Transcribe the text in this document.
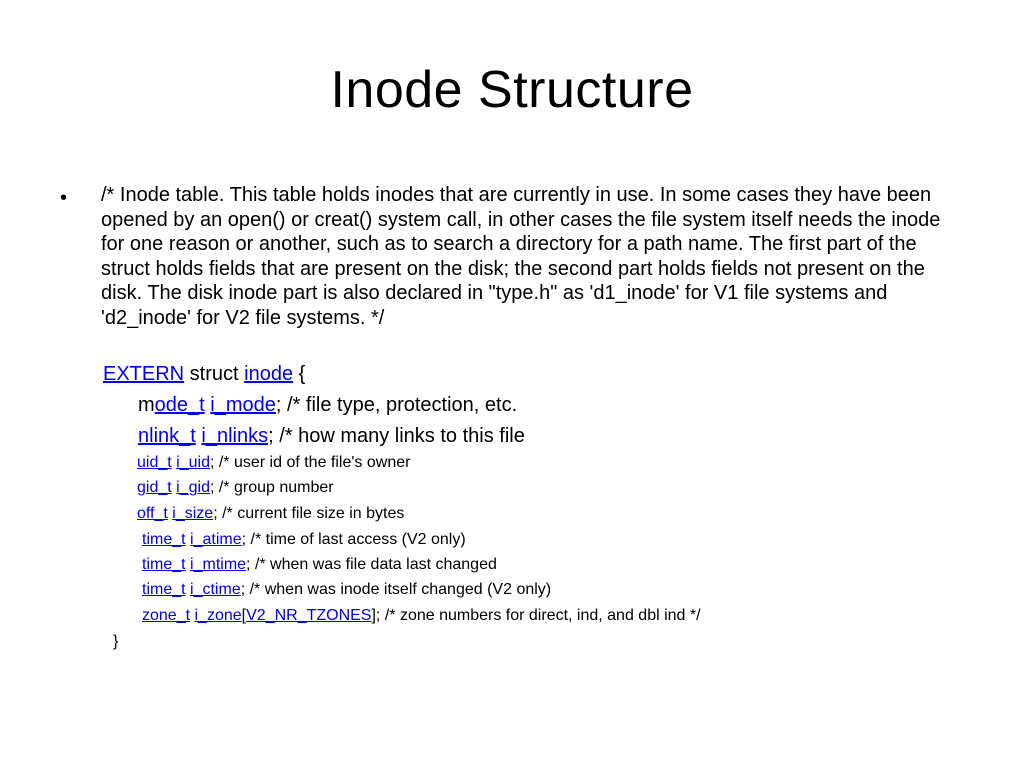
Inode Structure
• /* Inode table. This table holds inodes that are currently in use. In some cases they have been opened by an open() or creat() system call, in other cases the file system itself needs the inode for one reason or another, such as to search a directory for a path name. The first part of the struct holds fields that are present on the disk; the second part holds fields not present on the disk. The disk inode part is also declared in "type.h" as 'd1_inode' for V1 file systems and 'd2_inode' for V2 file systems. */
EXTERN struct inode {
mode_t i_mode; /* file type, protection, etc.
nlink_t i_nlinks; /* how many links to this file
uid_t i_uid; /* user id of the file's owner
gid_t i_gid; /* group number
off_t i_size; /* current file size in bytes
time_t i_atime; /* time of last access (V2 only)
time_t i_mtime; /* when was file data last changed
time_t i_ctime; /* when was inode itself changed (V2 only)
zone_t i_zone[V2_NR_TZONES]; /* zone numbers for direct, ind, and dbl ind */
}
